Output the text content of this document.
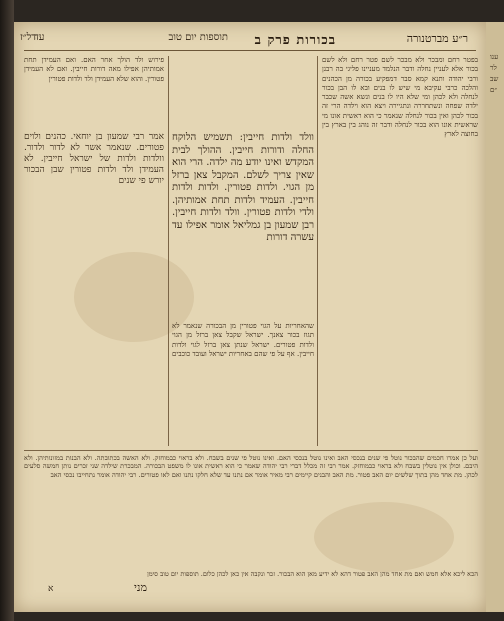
ר״ע מברטנורה
בכורות פרק ב
תוספות יום טוב
עד
דל״ז

בפטר רחם ומבכר ולא מבכר לשם פטר רחם ולא לשם בכור אלא לעניין נחלה ודבר הנלמד מעניינו פליגי בה רבנן ורבי יהודה ותנא קמא סבר דמפקיע בכורה מן הכהנים והלכה כרבי עקיבא מי שיש לו בנים ובא לו הבן בכור לנחלה ולא לכהן ומי שלא היו לו בנים ונשא אשה שכבר ילדה שפחה ונשתחררה ונתגיירה ויצא הוא וילדה הרי זה בכור לכהן ואין בכור לנחלה שנאמר כי הוא ראשית אונו מי שראשית אונו הוא בכור לנחלה ודבר זה נוהג בין בארץ בין בחוצה לארץ

וולד ולדות חייבין: תשמיש הלוקח החלה ודורות חייבין. ההולך לבית המקדש ואינו יודע מה ילדה. הרי הוא שאין צריך לשלם. המקבל צאן ברזל מן הגוי. ולדות פטורין. ולדות ולדות חייבין. העמיד ולדות תחת אמותיהן. ולדי ולדות פטורין. וולד ולדות חייבין. רבן שמעון בן גמליאל אומר אפילו עד עשרה דורות

שהאחריות על הגוי פטורין מן הבכורה שנאמר לא תגוז בכור צאנך. ישראל שקבל צאן ברזל מן הגוי ולדות פטורים. ישראל שנתן צאן ברזל לגוי ולדות חייבין. אף על פי שהם באחריות ישראל ועובד כוכבים

פירוש ולד הולך אחר האם. ואם העמידן תחת אמותיהן אפילו מאה דורות חייבין. ואם לא העמידן פטורין. והוא שלא העמידן ולד ולדות פטורין

אמר רבי שמעון בן יוחאי. כהנים ולוים פטורים. שנאמר אשר לא לדור ולדור. וולדות ולדות של ישראל חייבין. לא העמידן ולד ולדות פטורין שבן הבכור יורש פי שנים

ועל כן אמרו חכמים שהבכור נוטל פי שנים בנכסי האב ואינו נוטל בנכסי האם. ואינו נוטל פי שנים בשבח. ולא בראוי כבמוחזק. ולא האשה בכתובתה. ולא הבנות במזונותיהן. ולא היבם. וכולן אין נוטלין בשבח ולא בראוי כבמוחזק. אמר רבי זה מכלל דברי רבי יהודה שאמר כי הוא ראשית אונו לו משפט הבכורה. המבכרת שילדה שני זכרים נותן חמשה סלעים לכהן. מת אחד מהן בתוך שלשים יום האב פטור. מת האב והבנים קיימים רבי מאיר אומר אם נתנו עד שלא חלקו נתנו ואם לאו פטורים. רבי יהודה אומר נתחייבו נכסי האב

הכא ליכא אלא חמש ואם מת אחד מהן האב פטור דהא לא ידיע מאן הוא הבכור. זכר ונקבה אין כאן לכהן כלום. תוספות יום טוב סימן

מני
א
ענו לרשב״ם
